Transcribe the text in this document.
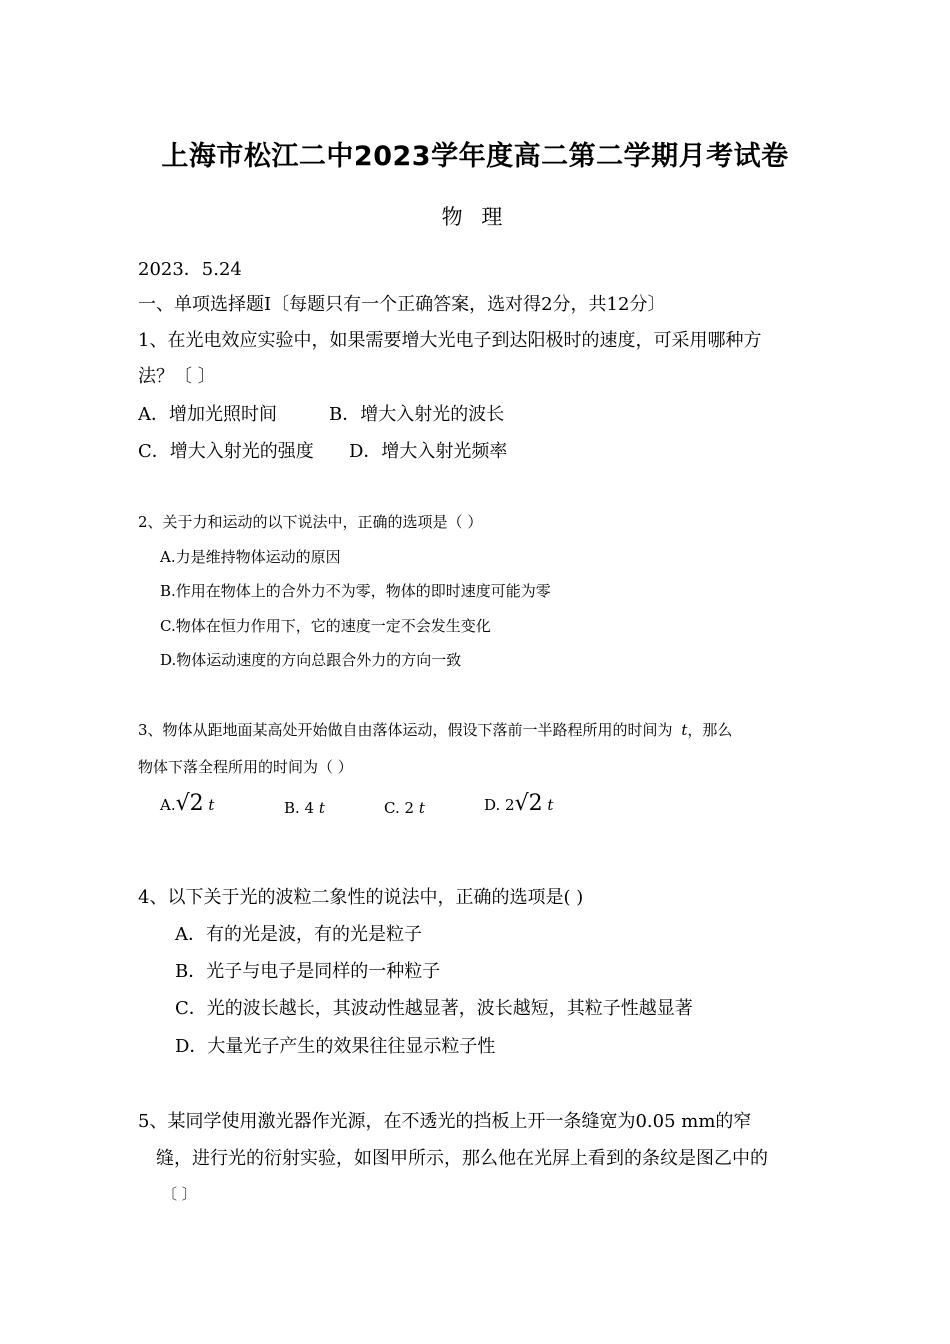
上海市松江二中2023学年度高二第二学期月考试卷
物 理
2023．5.24
一、单项选择题Ⅰ〔每题只有一个正确答案，选对得2分，共12分〕
1、在光电效应实验中，如果需要增大光电子到达阳极时的速度，可采用哪种方
法？〔 〕
A．增加光照时间	B．增大入射光的波长
C．增大入射光的强度 D．增大入射光频率
2、关于力和运动的以下说法中，正确的选项是（ ）
A.力是维持物体运动的原因
B.作用在物体上的合外力不为零，物体的即时速度可能为零
C.物体在恒力作用下，它的速度一定不会发生变化
D.物体运动速度的方向总跟合外力的方向一致
3、物体从距地面某高处开始做自由落体运动，假设下落前一半路程所用的时间为 t，那么
物体下落全程所用的时间为（ ）
A.√2 t	B. 4 t	C. 2 t	D. 2√2 t
4、以下关于光的波粒二象性的说法中，正确的选项是( )
A．有的光是波，有的光是粒子
B．光子与电子是同样的一种粒子
C．光的波长越长，其波动性越显著，波长越短，其粒子性越显著
D．大量光子产生的效果往往显示粒子性
5、某同学使用激光器作光源，在不透光的挡板上开一条缝宽为0.05 mm的窄
缝，进行光的衍射实验，如图甲所示，那么他在光屏上看到的条纹是图乙中的
〔 〕
